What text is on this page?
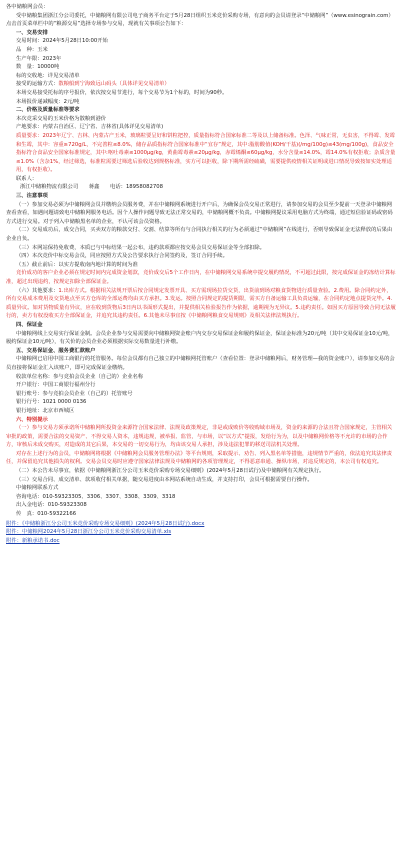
各中储粮网会员：

受中储粮集团浙江分公司委托，中储粮网有限公司电子商务平台定于5月28日组织玉米竞价采购专场，有意向的会员请登录“中储粮网”（www.esinograin.com）点击首页菜单栏中的“粮源交易”选择专场参与交易，现就有关事项公告如下：

一、交易安排

交易时间：2024年5月28日10:00开始

品　种：玉米

生产年限：2023年

数　量：10000吨

标的交收地：详见交易清单

接受的运输方式：散粮船到宁海致远山码头（具体详见交易清单）

本场交易接受托标的序号报价，依次按交易节进行，每个交易节为1个标的，时间为90秒。

本场报价递减幅度：2元/吨

二、价格及质量标准等要求

本次竞采交易的玉米价格为散粮到港价

产地要求：内蒙古自治区、辽宁省、吉林省(具体详见交易清单)

质量要求：2023年辽宁、吉林、内蒙古产玉米，玻璃粒要呈好和饼粒把控，质量指标符合国家标准二等及以上储备标准。色泽、气味正常，无虫害，不得霉、发霉和生霉，其中：容重≥720g/L，不完善粒≤8.0%，储存品质指标符合国家标准中“宜存”规定，其中:脂肪酸值(KOH/干基)(/mg/100g)≤43(mg/100g)，食品安全指标符合食品安全国家标准规定，其中:呕吐毒素≤1000μg/kg，黄曲霉毒素≤20μg/kg，赤霉烯酮≤60μg/kg，水分含量≤14.0%，霉14.0%有权拒收；杂质含量≤1.0%（含杂1%，经过筛选，标准粒需要过筛选后验收达到规格标准，实方可以拒收，除下期所需经硫磺，需要提供疫情相关证明或进口情况导致按如实处理适用，有权拒收）。

联系人：

浙江中储粮物流有限公司　　蒋鑫　　电话：18958082708

三、注意事项

（一）参加交易必须为中储粮网会员并缴纳会员服务费，并在中储粮网系统进行开户后，为确保会员交易正常进行，请参加交易的会员至少提前一天登录中储粮网查看查看，如遇问题请致电中储粮网服务电话。因个人操作问题导致无法正常交易的，中储粮网概不负责。中储粮网提议采用电脑方式为终端，通过短信验证码或密码方式进行交易。对于列入中储粮黑名单的企业，不认可该会员资格。

（二）交易成功后，成交合同，买卖双方的粮款交付、交割、结算等所有与合同执行相关的行为必须通过“中储粮网”在线进行，否则导致保证金无法释放的后果由企业自负。

（三）本网站保持免收费，本质已与中标结果一起公布，违约款项都应按交易会员交易保证金等全部扣除。

（四）本次竞价中标交易会员，同应按照方式及公告要求执行合同签约及，签订合同手续。

（五）截止前后：以实方提收南内地计算的时间为准

竞价成功的客户企业必须在规定时间内完成资金划款，竞价成交后5个工作日内，在中储粮网交易系统中提交履约情况，不可超过此限，按完成保证金的冻结计算标准，超过出现违约，按规定扣除全部保证金。

（六）其他要求：1.出库方式。根据相关法规开票后按合同规定发票开具、买方需现场拉货交货，出货前到场对粮食货物进行质量查验。2.费用。除合同约定外，所有交易成本费用及交货地点至买方仓库的全部运费均由买方承担。3.发运。按照合同规定的提货期限，需买方自备运输工具负责运输，在合同约定地点提货完毕。4.质量异议。如对货物质量有异议，应在收到货物后3日内以书面形式提出，并提供相关检验报告作为依据，逾期视为无异议。5.违约责任。如因买方原因导致合同无法履行的，卖方有权没收买方全部保证金，并追究其违约责任。6.其他未尽事宜按《中储粮网粮食交易规则》及相关法律法规执行。

四、保证金

中储粮网线上交易实行保证金制。会员企业参与交易需要向中储粮网资金账户内交存交易保证金和履约保证金，保证金标准为20元/吨（其中交易保证金10元/吨，履约保证金10元/吨），有关价的会员企业必须根据实际交易数量进行补缴。

五、交易保证金、服务费汇款账户

中储粮网已启用中国工商银行的托管服务。每位会员都有自己独立的中储粮网托管账户（查看位置：登录中储粮网后，财务管理—我的资金账户），请参加交易的会员直接将保证金汇入该账户，即可完成保证金缴纳。

收款单位名称：参与竞拍会员企业（自己的）企业名称

开户银行：中国工商银行福州分行

银行账号：参与竞拍会员企业（自己的）托管账号

银行行号：1021 0000 0136

银行地址：北京市西城区

六、特别提示

（一）参与交易方须承诺所中储粮网所投资金来源符合国家法律、法规及政策规定，非是或成败价等收购域市场及，资金的来源的合法且符合国家规定，主管相关审批的政策，需要合法的交易资产、不得交易人资本，违规违规，被举报、监管，与市场，以“以方式”提报，发给行为为，以及中储粮网价格等不允许的市场的合作方，审核后未成交购买，对造成的其它后果，本交易的一切交易行为，均由该交易人承担，涉及违法犯罪的移送司法机关处理。

对存在上述行为的会员，中储粮网将根据《中储粮网会员服务管理办法》等平台规则，采取提示、劝告、列入黑名单等措施，违规情节严重的，依法追究其法律责任，并保留追究其他损失的权利。交易会员交易时应遵守国家法律法规及中储粮网的各项管理规定，不得恶意串通、操纵市场，对违反规定的，本公司有权追究。

（二）本公告未尽事宜，依据《中储粮网浙江分公司玉米竞价采购专场交易细则》(2024年5月28日试行)及中储粮网有关规定执行。

（三）交易合同、成交清单、款项收付相关单据，随交易进度由本网站系统自动生成，并支持打印，会员可根据需要自行操作。

中储粮网联系方式

咨询电话：010-59323305、3306、3307、3308、3309、3318

出入金电话：010-59323308

传　真：010-59322166

附件：《中储粮浙江分公司玉米竞价采购专场交易细则》(2024年5月28日试行).docx

附件：中储粮网2024年5月28日浙江分公司玉米竞价采购交易清单.xls

附件：新粮承诺书.doc
